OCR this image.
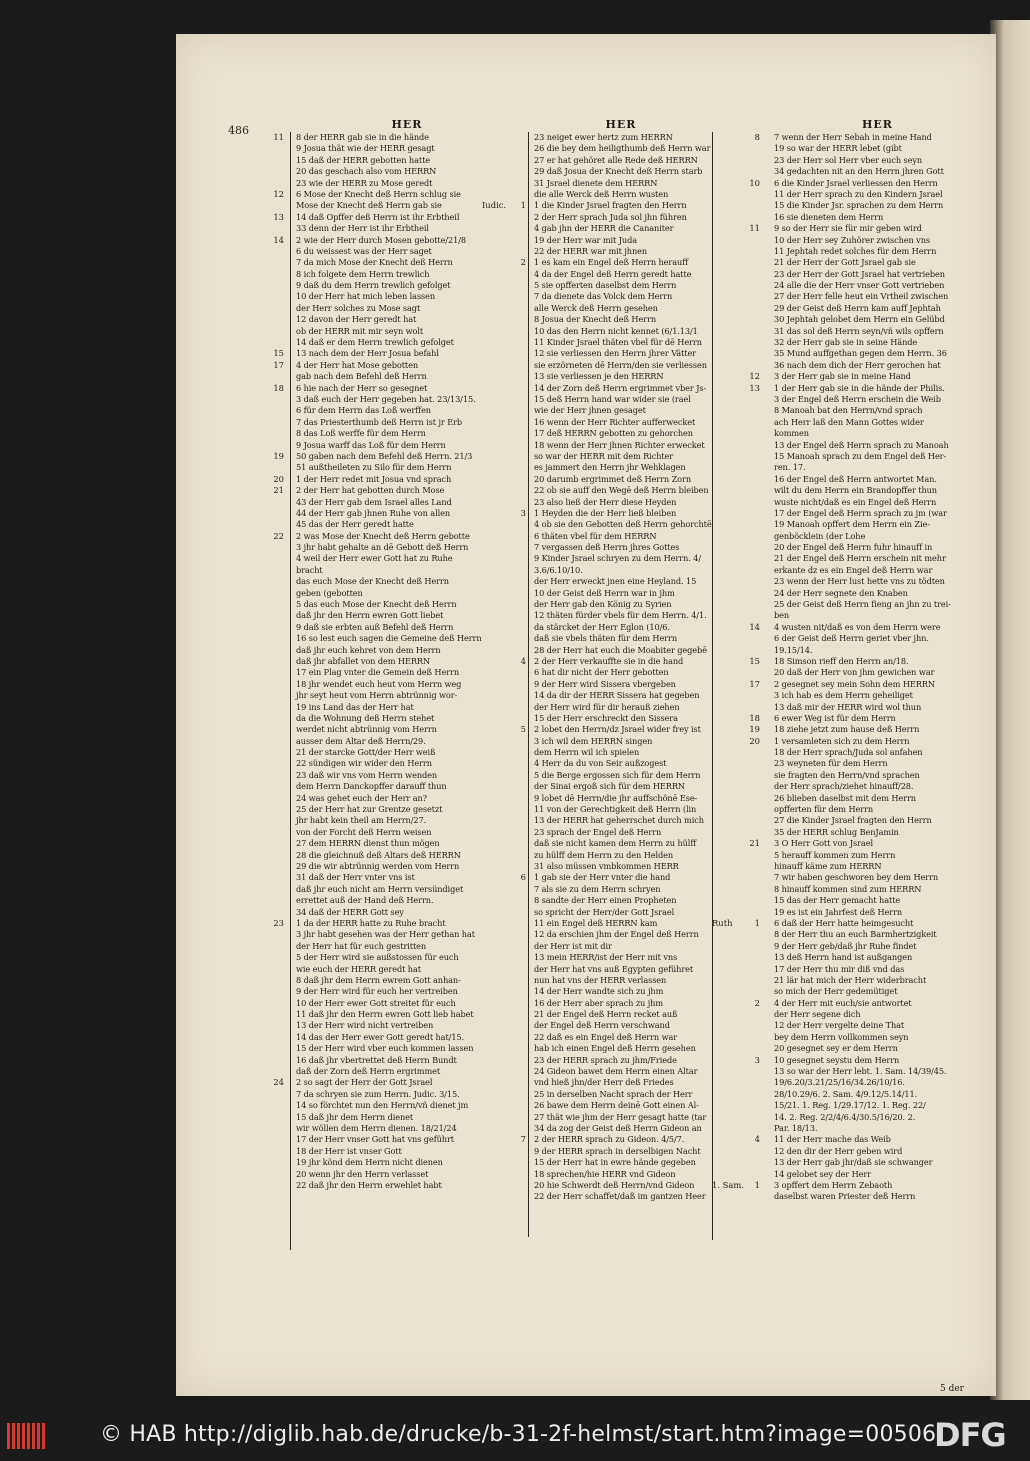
486	HER
11 8 der HERR gab sie in die hände
9 Josua thät wie der HERR gesagt
15 daß der HERR gebotten hatte
20 das geschach also vom HERRN
23 wie der HERR zu Mose geredt
12 6 Mose der Knecht deß Herrn schlug sie
Iudic.
Mose der Knecht deß Herrn gab sie
13 14 daß Opffer deß Herrn ist ihr Erbtheil
33 denn der Herr ist ihr Erbtheil
14 2 wie der Herr durch Mosen gebotte/21/8
6 du weissest was der Herr saget
7 da mich Mose der Knecht deß Herrn
8 ich folgete dem Herrn trewlich
9 daß du dem Herrn trewlich gefolget
10 der Herr hat mich leben lassen
der Herr solches zu Mose sagt
12 davon der Herr geredt hat
ob der HERR mit mir seyn wolt
14 daß er dem Herrn trewlich gefolget
15 13 nach dem der Herr Josua befahl
17 4 der Herr hat Mose gebotten
gab nach dem Befehl deß Herrn
18 6 hie nach der Herr so gesegnet
3 daß euch der Herr gegeben hat. 23/13/15.
6 für dem Herrn das Loß werffen
7 das Priesterthumb deß Herrn ist jr Erb
8 das Loß werffe für dem Herrn
9 Josua warff das Loß für dem Herrn
19 50 gaben nach dem Befehl deß Herrn. 21/3
51 außtheileten zu Silo für dem Herrn
20 1 der Herr redet mit Josua vnd sprach
21 2 der Herr hat gebotten durch Mose
43 der Herr gab dem Israel alles Land
44 der Herr gab jhnen Ruhe von allen
45 das der Herr geredt hatte
22 2 was Mose der Knecht deß Herrn gebotte
3 jhr habt gehalte an dē Gebott deß Herrn
4 weil der Herr ewer Gott hat zu Ruhe
bracht
das euch Mose der Knecht deß Herrn
geben (gebotten
5 das euch Mose der Knecht deß Herrn
daß jhr den Herrn ewren Gott liebet
9 daß sie erbten auß Befehl deß Herrn
16 so lest euch sagen die Gemeine deß Herrn
daß jhr euch kehret von dem Herrn
daß jhr abfallet von dem HERRN
17 ein Plag vnter die Gemein deß Herrn
18 jhr wendet euch heut vom Herrn weg
jhr seyt heut vom Herrn abtrünnig wor-
19 ins Land das der Herr hat
da die Wohnung deß Herrn stehet
werdet nicht abtrünnig vom Herrn
ausser dem Altar deß Herrn/29.
21 der starcke Gott/der Herr weiß
22 sündigen wir wider den Herrn
23 daß wir vns vom Herrn wenden
dem Herrn Danckopffer darauff thun
24 was gehet euch der Herr an?
25 der Herr hat zur Grentze gesetzt
jhr habt kein theil am Herrn/27.
von der Forcht deß Herrn weisen
27 dem HERRN dienst thun mögen
28 die gleichnuß deß Altars deß HERRN
29 die wir abtrünnig werden vom Herrn
31 daß der Herr vnter vns ist
daß jhr euch nicht am Herrn versündiget
errettet auß der Hand deß Herrn.
34 daß der HERR Gott sey
23 1 da der HERR hatte zu Ruhe bracht
3 jhr habt gesehen was der Herr gethan hat
der Herr hat für euch gestritten
5 der Herr wird sie außstossen für euch
wie euch der HERR geredt hat
8 daß jhr dem Herrn ewrem Gott anhan-
9 der Herr wird für euch her vertreiben
10 der Herr ewer Gott streitet für euch
11 daß jhr den Herrn ewren Gott lieb habet
13 der Herr wird nicht vertreiben
14 das der Herr ewer Gott geredt hat/15.
15 der Herr wird vber euch kommen lassen
16 daß jhr vbertrettet deß Herrn Bundt
daß der Zorn deß Herrn ergrimmet
24 2 so sagt der Herr der Gott Jsrael
7 da schryen sie zum Herrn. Judic. 3/15.
14 so förchtet nun den Herrn/vñ dienet jm
15 daß jhr dem Herrn dienet
wir wöllen dem Herrn dienen. 18/21/24
17 der Herr vnser Gott hat vns geführt
18 der Herr ist vnser Gott
19 jhr könd dem Herrn nicht dienen
20 wenn jhr den Herrn verlasset
22 daß jhr den Herrn erwehlet habt
HER
23 neiget ewer hertz zum HERRN
26 die bey dem heiligthumb deß Herrn war
27 er hat gehöret alle Rede deß HERRN
29 daß Josua der Knecht deß Herrn starb
31 Jsrael dienete dem HERRN
die alle Werck deß Herrn wusten
1 1 die Kinder Jsrael fragten den Herrn
2 der Herr sprach Juda sol jhn führen
4 gab jhn der HERR die Cananiter
19 der Herr war mit Juda
22 der HERR war mit jhnen
2 1 es kam ein Engel deß Herrn herauff
4 da der Engel deß Herrn geredt hatte
5 sie opfferten daselbst dem Herrn
7 da dienete das Volck dem Herrn
alle Werck deß Herrn gesehen
8 Josua der Knecht deß Herrn
10 das den Herrn nicht kennet (6/1.13/1
11 Kinder Jsrael thäten vbel für dē Herrn
12 sie verliessen den Herrn jhrer Vätter
sie erzörneten dē Herrn/den sie verliessen
13 sie verliessen je den HERRN
14 der Zorn deß Herrn ergrimmet vber Js-
15 deß Herrn hand war wider sie (rael
wie der Herr jhnen gesaget
16 wenn der Herr Richter aufferwecket
17 deß HERRN gebotten zu gehorchen
18 wenn der Herr jhnen Richter erwecket
so war der HERR mit dem Richter
es jammert den Herrn jhr Wehklagen
20 darumb ergrimmet deß Herrn Zorn
22 ob sie auff den Wegē deß Herrn bleiben
23 also ließ der Herr diese Heyden
3 1 Heyden die der Herr ließ bleiben
4 ob sie den Gebotten deß Herrn gehorchtē
6 thäten vbel für dem HERRN
7 vergassen deß Herrn jhres Gottes
9 Kinder Jsrael schryen zu dem Herrn. 4/
3.6/6.10/10.
der Herr erweckt jnen eine Heyland. 15
10 der Geist deß Herrn war in jhm
der Herr gab den König zu Syrien
12 thäten fürder vbels für dem Herrn. 4/1.
da stärcket der Herr Eglon (10/6.
daß sie vbels thäten für dem Herrn
28 der Herr hat euch die Moabiter gegebē
4 2 der Herr verkauffte sie in die hand
6 hat dir nicht der Herr gebotten
9 der Herr wird Sissera vbergeben
14 da dir der HERR Sissera hat gegeben
der Herr wird für dir herauß ziehen
15 der Herr erschreckt den Sissera
5 2 lobet den Herrn/dz Jsrael wider frey ist
3 ich wil dem HERRN singen
dem Herrn wil ich spielen
4 Herr da du von Seir außzogest
5 die Berge ergossen sich für dem Herrn
der Sinai ergoß sich für dem HERRN
9 lobet dē Herrn/die jhr auffschönē Ese-
11 von der Gerechtigkeit deß Herrn (lin
13 der HERR hat geherrschet durch mich
23 sprach der Engel deß Herrn
daß sie nicht kamen dem Herrn zu hülff
zu hülff dem Herrn zu den Helden
31 also müssen vmbkommen HERR
6 1 gab sie der Herr vnter die hand
7 als sie zu dem Herrn schryen
8 sandte der Herr einen Propheten
so spricht der Herr/der Gott Jsrael
11 ein Engel deß HERRN kam
12 da erschien jhm der Engel deß Herrn
der Herr ist mit dir
13 mein HERR/ist der Herr mit vns
der Herr hat vns auß Egypten geführet
nun hat vns der HERR verlassen
14 der Herr wandte sich zu jhm
16 der Herr aber sprach zu jhm
21 der Engel deß Herrn recket auß
der Engel deß Herrn verschwand
22 daß es ein Engel deß Herrn war
hab ich einen Engel deß Herrn gesehen
23 der HERR sprach zu jhm/Friede
24 Gideon bawet dem Herrn einen Altar
vnd hieß jhn/der Herr deß Friedes
25 in derselben Nacht sprach der Herr
26 bawe dem Herrn deinē Gott einen Al-
27 thät wie jhm der Herr gesagt hatte (tar
34 da zog der Geist deß Herrn Gideon an
7 2 der HERR sprach zu Gideon. 4/5/7.
9 der HERR sprach in derselbigen Nacht
15 der Herr hat in ewre hände gegeben
18 sprechen/hie HERR vnd Gideon
20 hie Schwerdt deß Herrn/vnd Gideon
22 der Herr schaffet/daß im gantzen Heer
HER
8 7 wenn der Herr Sebah in meine Hand
19 so war der HERR lebet (gibt
23 der Herr sol Herr vber euch seyn
34 gedachten nit an den Herrn jhren Gott
10 6 die Kinder Jsrael verliessen den Herrn
11 der Herr sprach zu den Kindern Jsrael
15 die Kinder Jsr. sprachen zu dem Herrn
16 sie dieneten dem Herrn
11 9 so der Herr sie für mir geben wird
10 der Herr sey Zuhörer zwischen vns
11 Jephtah redet solches für dem Herrn
21 der Herr der Gott Jsrael gab sie
23 der Herr der Gott Jsrael hat vertrieben
24 alle die der Herr vnser Gott vertrieben
27 der Herr felle heut ein Vrtheil zwischen
29 der Geist deß Herrn kam auff Jephtah
30 Jephtah gelobet dem Herrn ein Gelübd
31 das sol deß Herrn seyn/vñ wils opffern
32 der Herr gab sie in seine Hände
35 Mund auffgethan gegen dem Herrn. 36
36 nach dem dich der Herr gerochen hat
12 3 der Herr gab sie in meine Hand
13 1 der Herr gab sie in die hände der Philis.
3 der Engel deß Herrn erschein die Weib
8 Manoah bat den Herrn/vnd sprach
ach Herr laß den Mann Gottes wider
kommen
13 der Engel deß Herrn sprach zu Manoah
15 Manoah sprach zu dem Engel deß Her-
ren. 17.
16 der Engel deß Herrn antwortet Man.
wilt du dem Herrn ein Brandopffer thun
wuste nicht/daß es ein Engel deß Herrn
17 der Engel deß Herrn sprach zu jm (war
19 Manoah opffert dem Herrn ein Zie-
genböcklein (der Lohe
20 der Engel deß Herrn fuhr hinauff in
21 der Engel deß Herrn erschein nit mehr
erkante dz es ein Engel deß Herrn war
23 wenn der Herr lust hette vns zu tödten
24 der Herr segnete den Knaben
25 der Geist deß Herrn fieng an jhn zu trei-
ben
14 4 wusten nit/daß es von dem Herrn were
6 der Geist deß Herrn geriet vber jhn.
19.15/14.
15 18 Simson rieff den Herrn an/18.
20 daß der Herr von jhm gewichen war
17 2 gesegnet sey mein Sohn dem HERRN
3 ich hab es dem Herrn geheiliget
13 daß mir der HERR wird wol thun
18 6 ewer Weg ist für dem Herrn
19 18 ziehe jetzt zum hause deß Herrn
20 1 versamleten sich zu dem Herrn
18 der Herr sprach/Juda sol anfahen
23 weyneten für dem Herrn
sie fragten den Herrn/vnd sprachen
der Herr sprach/ziehet hinauff/28.
26 blieben daselbst mit dem Herrn
opfferten für dem Herrn
27 die Kinder Jsrael fragten den Herrn
35 der HERR schlug BenJamin
21 3 O Herr Gott von Jsrael
5 herauff kommen zum Herrn
hinauff käme zum HERRN
7 wir haben geschworen bey dem Herrn
8 hinauff kommen sind zum HERRN
15 das der Herr gemacht hatte
19 es ist ein Jahrfest deß Herrn
1
Ruth	6 daß der Herr hatte heimgesucht
8 der Herr thu an euch Barmhertzigkeit
9 der Herr geb/daß jhr Ruhe findet
13 deß Herrn hand ist außgangen
17 der Herr thu mir diß vnd das
21 lär hat mich der Herr widerbracht
so mich der Herr gedemütiget
2 4 der Herr mit euch/sie antwortet
der Herr segene dich
12 der Herr vergelte deine That
bey dem Herrn vollkommen seyn
20 gesegnet sey er dem Herrn
3 10 gesegnet seystu dem Herrn
13 so war der Herr lebt. 1. Sam. 14/39/45.
19/6.20/3.21/25/16/34.26/10/16.
28/10.29/6. 2. Sam. 4/9.12/5.14/11.
15/21. 1. Reg. 1/29.17/12. 1. Reg. 22/
14. 2. Reg. 2/2/4/6.4/30.5/16/20. 2.
Par. 18/13.
4 11 der Herr mache das Weib
12 den dir der Herr geben wird
13 der Herr gab jhr/daß sie schwanger
14 gelobet sey der Herr
1
1. Sam.	3 opffert dem Herrn Zebaoth
daselbst waren Priester deß Herrn
5 der
© HAB http://diglib.hab.de/drucke/b-31-2f-helmst/start.htm?image=00506
DFG
